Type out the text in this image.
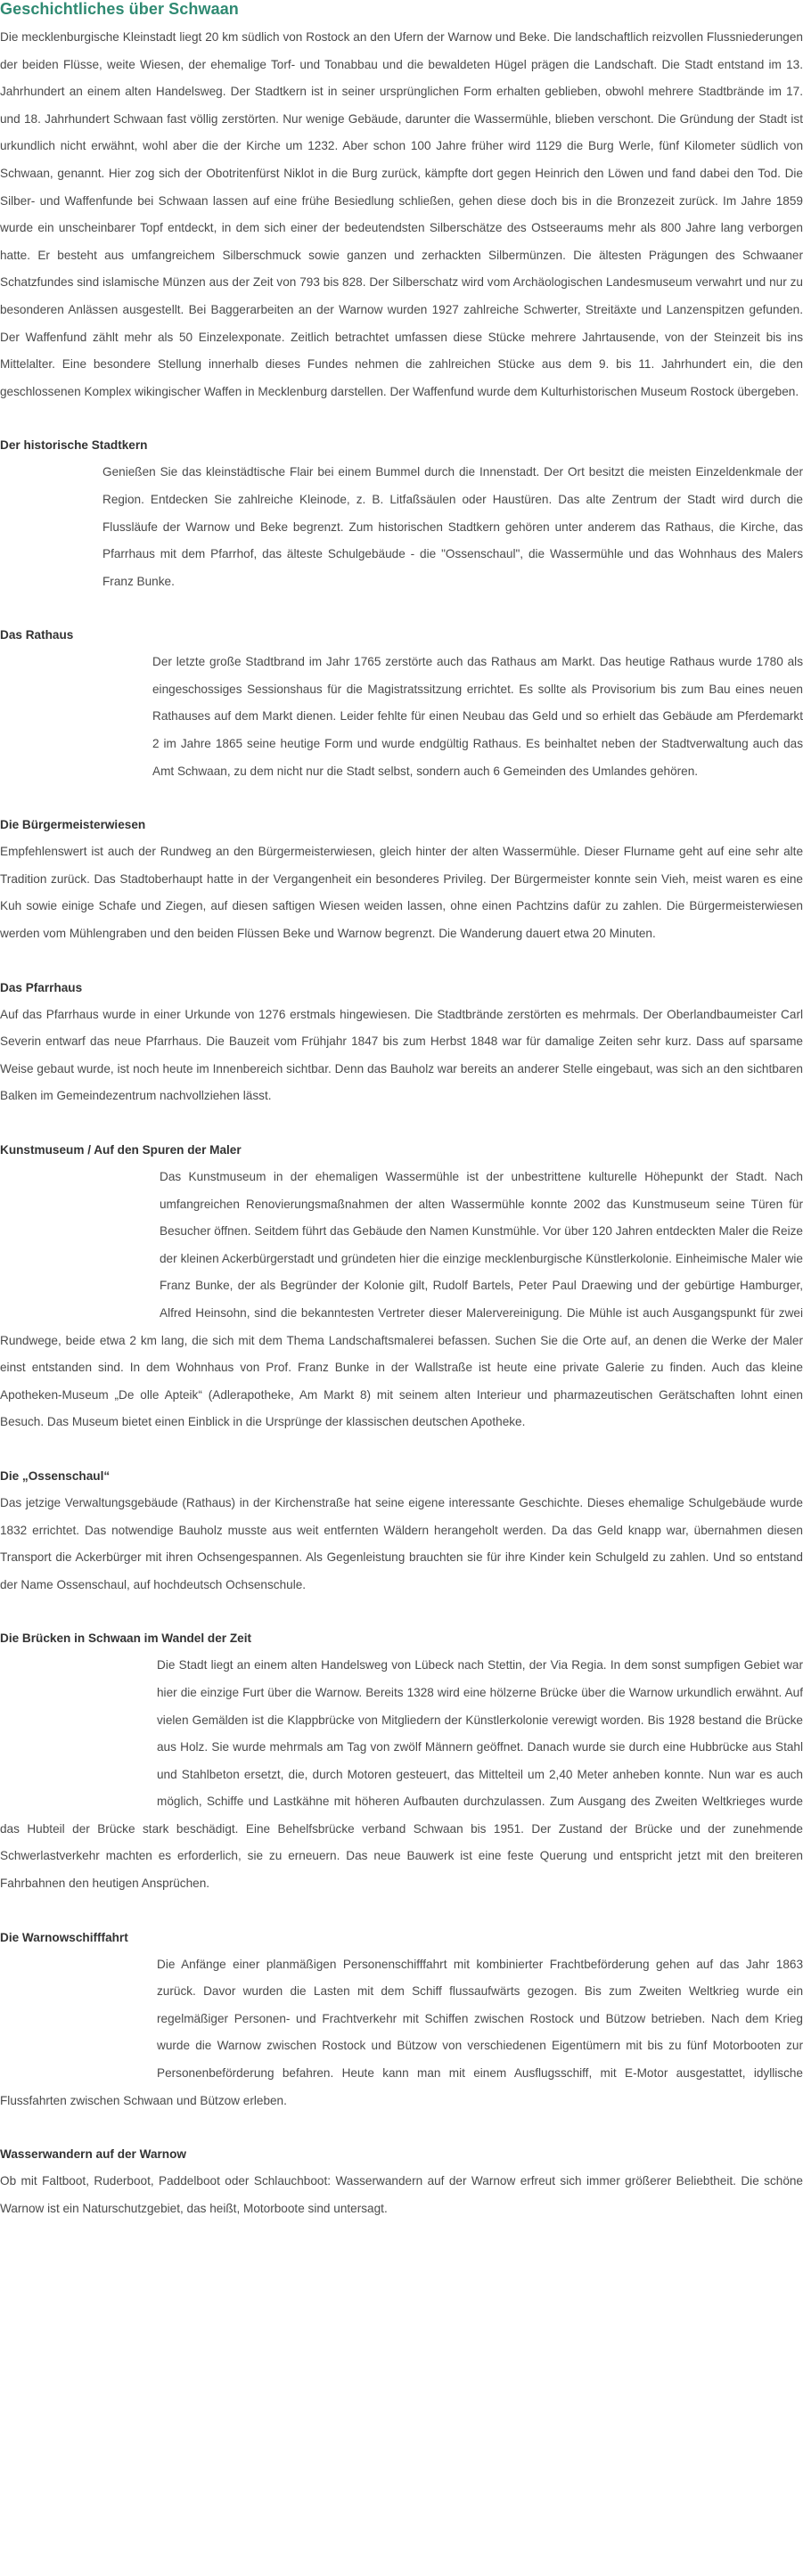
Geschichtliches über Schwaan

Die mecklenburgische Kleinstadt liegt 20 km südlich von Rostock an den Ufern der Warnow und Beke. Die landschaftlich reizvollen Flussniederungen der beiden Flüsse, weite Wiesen, der ehemalige Torf- und Tonabbau und die bewaldeten Hügel prägen die Landschaft. Die Stadt entstand im 13. Jahrhundert an einem alten Handelsweg. Der Stadtkern ist in seiner ursprünglichen Form erhalten geblieben, obwohl mehrere Stadtbrände im 17. und 18. Jahrhundert Schwaan fast völlig zerstörten. Nur wenige Gebäude, darunter die Wassermühle, blieben verschont. Die Gründung der Stadt ist urkundlich nicht erwähnt, wohl aber die der Kirche um 1232. Aber schon 100 Jahre früher wird 1129 die Burg Werle, fünf Kilometer südlich von Schwaan, genannt. Hier zog sich der Obotritenfürst Niklot in die Burg zurück, kämpfte dort gegen Heinrich den Löwen und fand dabei den Tod. Die Silber- und Waffenfunde bei Schwaan lassen auf eine frühe Besiedlung schließen, gehen diese doch bis in die Bronzezeit zurück. Im Jahre 1859 wurde ein unscheinbarer Topf entdeckt, in dem sich einer der bedeutendsten Silberschätze des Ostseeraums mehr als 800 Jahre lang verborgen hatte. Er besteht aus umfangreichem Silberschmuck sowie ganzen und zerhackten Silbermünzen. Die ältesten Prägungen des Schwaaner Schatzfundes sind islamische Münzen aus der Zeit von 793 bis 828. Der Silberschatz wird vom Archäologischen Landesmuseum verwahrt und nur zu besonderen Anlässen ausgestellt. Bei Baggerarbeiten an der Warnow wurden 1927 zahlreiche Schwerter, Streitäxte und Lanzenspitzen gefunden. Der Waffenfund zählt mehr als 50 Einzelexponate. Zeitlich betrachtet umfassen diese Stücke mehrere Jahrtausende, von der Steinzeit bis ins Mittelalter. Eine besondere Stellung innerhalb dieses Fundes nehmen die zahlreichen Stücke aus dem 9. bis 11. Jahrhundert ein, die den geschlossenen Komplex wikingischer Waffen in Mecklenburg darstellen. Der Waffenfund wurde dem Kulturhistorischen Museum Rostock übergeben.

Der historische Stadtkern

Genießen Sie das kleinstädtische Flair bei einem Bummel durch die Innenstadt. Der Ort besitzt die meisten Einzeldenkmale der Region. Entdecken Sie zahlreiche Kleinode, z. B. Litfaßsäulen oder Haustüren. Das alte Zentrum der Stadt wird durch die Flussläufe der Warnow und Beke begrenzt. Zum historischen Stadtkern gehören unter anderem das Rathaus, die Kirche, das Pfarrhaus mit dem Pfarrhof, das älteste Schulgebäude - die "Ossenschaul", die Wassermühle und das Wohnhaus des Malers Franz Bunke.

Das Rathaus

Der letzte große Stadtbrand im Jahr 1765 zerstörte auch das Rathaus am Markt. Das heutige Rathaus wurde 1780 als eingeschossiges Sessionshaus für die Magistratssitzung errichtet. Es sollte als Provisorium bis zum Bau eines neuen Rathauses auf dem Markt dienen. Leider fehlte für einen Neubau das Geld und so erhielt das Gebäude am Pferdemarkt 2 im Jahre 1865 seine heutige Form und wurde endgültig Rathaus. Es beinhaltet neben der Stadtverwaltung auch das Amt Schwaan, zu dem nicht nur die Stadt selbst, sondern auch 6 Gemeinden des Umlandes gehören.

Die Bürgermeisterwiesen

Empfehlenswert ist auch der Rundweg an den Bürgermeisterwiesen, gleich hinter der alten Wassermühle. Dieser Flurname geht auf eine sehr alte Tradition zurück. Das Stadtoberhaupt hatte in der Vergangenheit ein besonderes Privileg. Der Bürgermeister konnte sein Vieh, meist waren es eine Kuh sowie einige Schafe und Ziegen, auf diesen saftigen Wiesen weiden lassen, ohne einen Pachtzins dafür zu zahlen. Die Bürgermeisterwiesen werden vom Mühlengraben und den beiden Flüssen Beke und Warnow begrenzt. Die Wanderung dauert etwa 20 Minuten.

Das Pfarrhaus

Auf das Pfarrhaus wurde in einer Urkunde von 1276 erstmals hingewiesen. Die Stadtbrände zerstörten es mehrmals. Der Oberlandbaumeister Carl Severin entwarf das neue Pfarrhaus. Die Bauzeit vom Frühjahr 1847 bis zum Herbst 1848 war für damalige Zeiten sehr kurz. Dass auf sparsame Weise gebaut wurde, ist noch heute im Innenbereich sichtbar. Denn das Bauholz war bereits an anderer Stelle eingebaut, was sich an den sichtbaren Balken im Gemeindezentrum nachvollziehen lässt.

Kunstmuseum / Auf den Spuren der Maler

Das Kunstmuseum in der ehemaligen Wassermühle ist der unbestrittene kulturelle Höhepunkt der Stadt. Nach umfangreichen Renovierungsmaßnahmen der alten Wassermühle konnte 2002 das Kunstmuseum seine Türen für Besucher öffnen. Seitdem führt das Gebäude den Namen Kunstmühle. Vor über 120 Jahren entdeckten Maler die Reize der kleinen Ackerbürgerstadt und gründeten hier die einzige mecklenburgische Künstlerkolonie. Einheimische Maler wie Franz Bunke, der als Begründer der Kolonie gilt, Rudolf Bartels, Peter Paul Draewing und der gebürtige Hamburger, Alfred Heinsohn, sind die bekanntesten Vertreter dieser Malervereinigung. Die Mühle ist auch Ausgangspunkt für zwei Rundwege, beide etwa 2 km lang, die sich mit dem Thema Landschaftsmalerei befassen. Suchen Sie die Orte auf, an denen die Werke der Maler einst entstanden sind. In dem Wohnhaus von Prof. Franz Bunke in der Wallstraße ist heute eine private Galerie zu finden. Auch das kleine Apotheken-Museum „De olle Apteik“ (Adlerapotheke, Am Markt 8) mit seinem alten Interieur und pharmazeutischen Gerätschaften lohnt einen Besuch. Das Museum bietet einen Einblick in die Ursprünge der klassischen deutschen Apotheke.

Die „Ossenschaul“

Das jetzige Verwaltungsgebäude (Rathaus) in der Kirchenstraße hat seine eigene interessante Geschichte. Dieses ehemalige Schulgebäude wurde 1832 errichtet. Das notwendige Bauholz musste aus weit entfernten Wäldern herangeholt werden. Da das Geld knapp war, übernahmen diesen Transport die Ackerbürger mit ihren Ochsengespannen. Als Gegenleistung brauchten sie für ihre Kinder kein Schulgeld zu zahlen. Und so entstand der Name Ossenschaul, auf hochdeutsch Ochsenschule.

Die Brücken in Schwaan im Wandel der Zeit

Die Stadt liegt an einem alten Handelsweg von Lübeck nach Stettin, der Via Regia. In dem sonst sumpfigen Gebiet war hier die einzige Furt über die Warnow. Bereits 1328 wird eine hölzerne Brücke über die Warnow urkundlich erwähnt. Auf vielen Gemälden ist die Klappbrücke von Mitgliedern der Künstlerkolonie verewigt worden. Bis 1928 bestand die Brücke aus Holz. Sie wurde mehrmals am Tag von zwölf Männern geöffnet. Danach wurde sie durch eine Hubbrücke aus Stahl und Stahlbeton ersetzt, die, durch Motoren gesteuert, das Mittelteil um 2,40 Meter anheben konnte. Nun war es auch möglich, Schiffe und Lastkähne mit höheren Aufbauten durchzulassen. Zum Ausgang des Zweiten Weltkrieges wurde das Hubteil der Brücke stark beschädigt. Eine Behelfsbrücke verband Schwaan bis 1951. Der Zustand der Brücke und der zunehmende Schwerlastverkehr machten es erforderlich, sie zu erneuern. Das neue Bauwerk ist eine feste Querung und entspricht jetzt mit den breiteren Fahrbahnen den heutigen Ansprüchen.

Die Warnowschifffahrt

Die Anfänge einer planmäßigen Personenschifffahrt mit kombinierter Frachtbeförderung gehen auf das Jahr 1863 zurück. Davor wurden die Lasten mit dem Schiff flussaufwärts gezogen. Bis zum Zweiten Weltkrieg wurde ein regelmäßiger Personen- und Frachtverkehr mit Schiffen zwischen Rostock und Bützow betrieben. Nach dem Krieg wurde die Warnow zwischen Rostock und Bützow von verschiedenen Eigentümern mit bis zu fünf Motorbooten zur Personenbeförderung befahren. Heute kann man mit einem Ausflugsschiff, mit E-Motor ausgestattet, idyllische Flussfahrten zwischen Schwaan und Bützow erleben.

Wasserwandern auf der Warnow

Ob mit Faltboot, Ruderboot, Paddelboot oder Schlauchboot: Wasserwandern auf der Warnow erfreut sich immer größerer Beliebtheit. Die schöne Warnow ist ein Naturschutzgebiet, das heißt, Motorboote sind untersagt.
